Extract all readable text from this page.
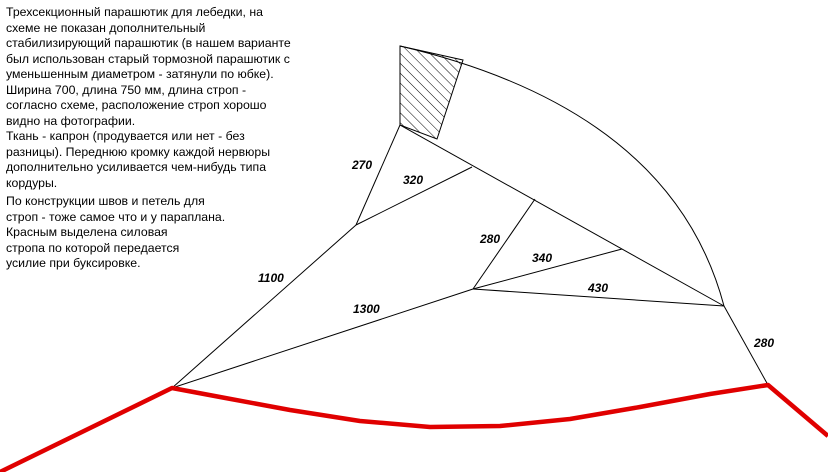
Трехсекционный парашютик для лебедки, на
схеме не показан дополнительный
стабилизирующий парашютик (в нашем варианте
был использован старый тормозной парашютик с
уменьшенным диаметром - затянули по юбке).
Ширина 700, длина 750 мм, длина строп -
согласно схеме, расположение строп хорошо
видно на фотографии.
Ткань - капрон (продувается или нет - без
разницы). Переднюю кромку каждой нервюры
дополнительно усиливается чем-нибудь типа
кордуры.
По конструкции швов и петель для
строп - тоже самое что и у параплана.
Красным выделена силовая
стропа по которой передается
усилие при буксировке.
270
320
1100
280
340
430
1300
280
